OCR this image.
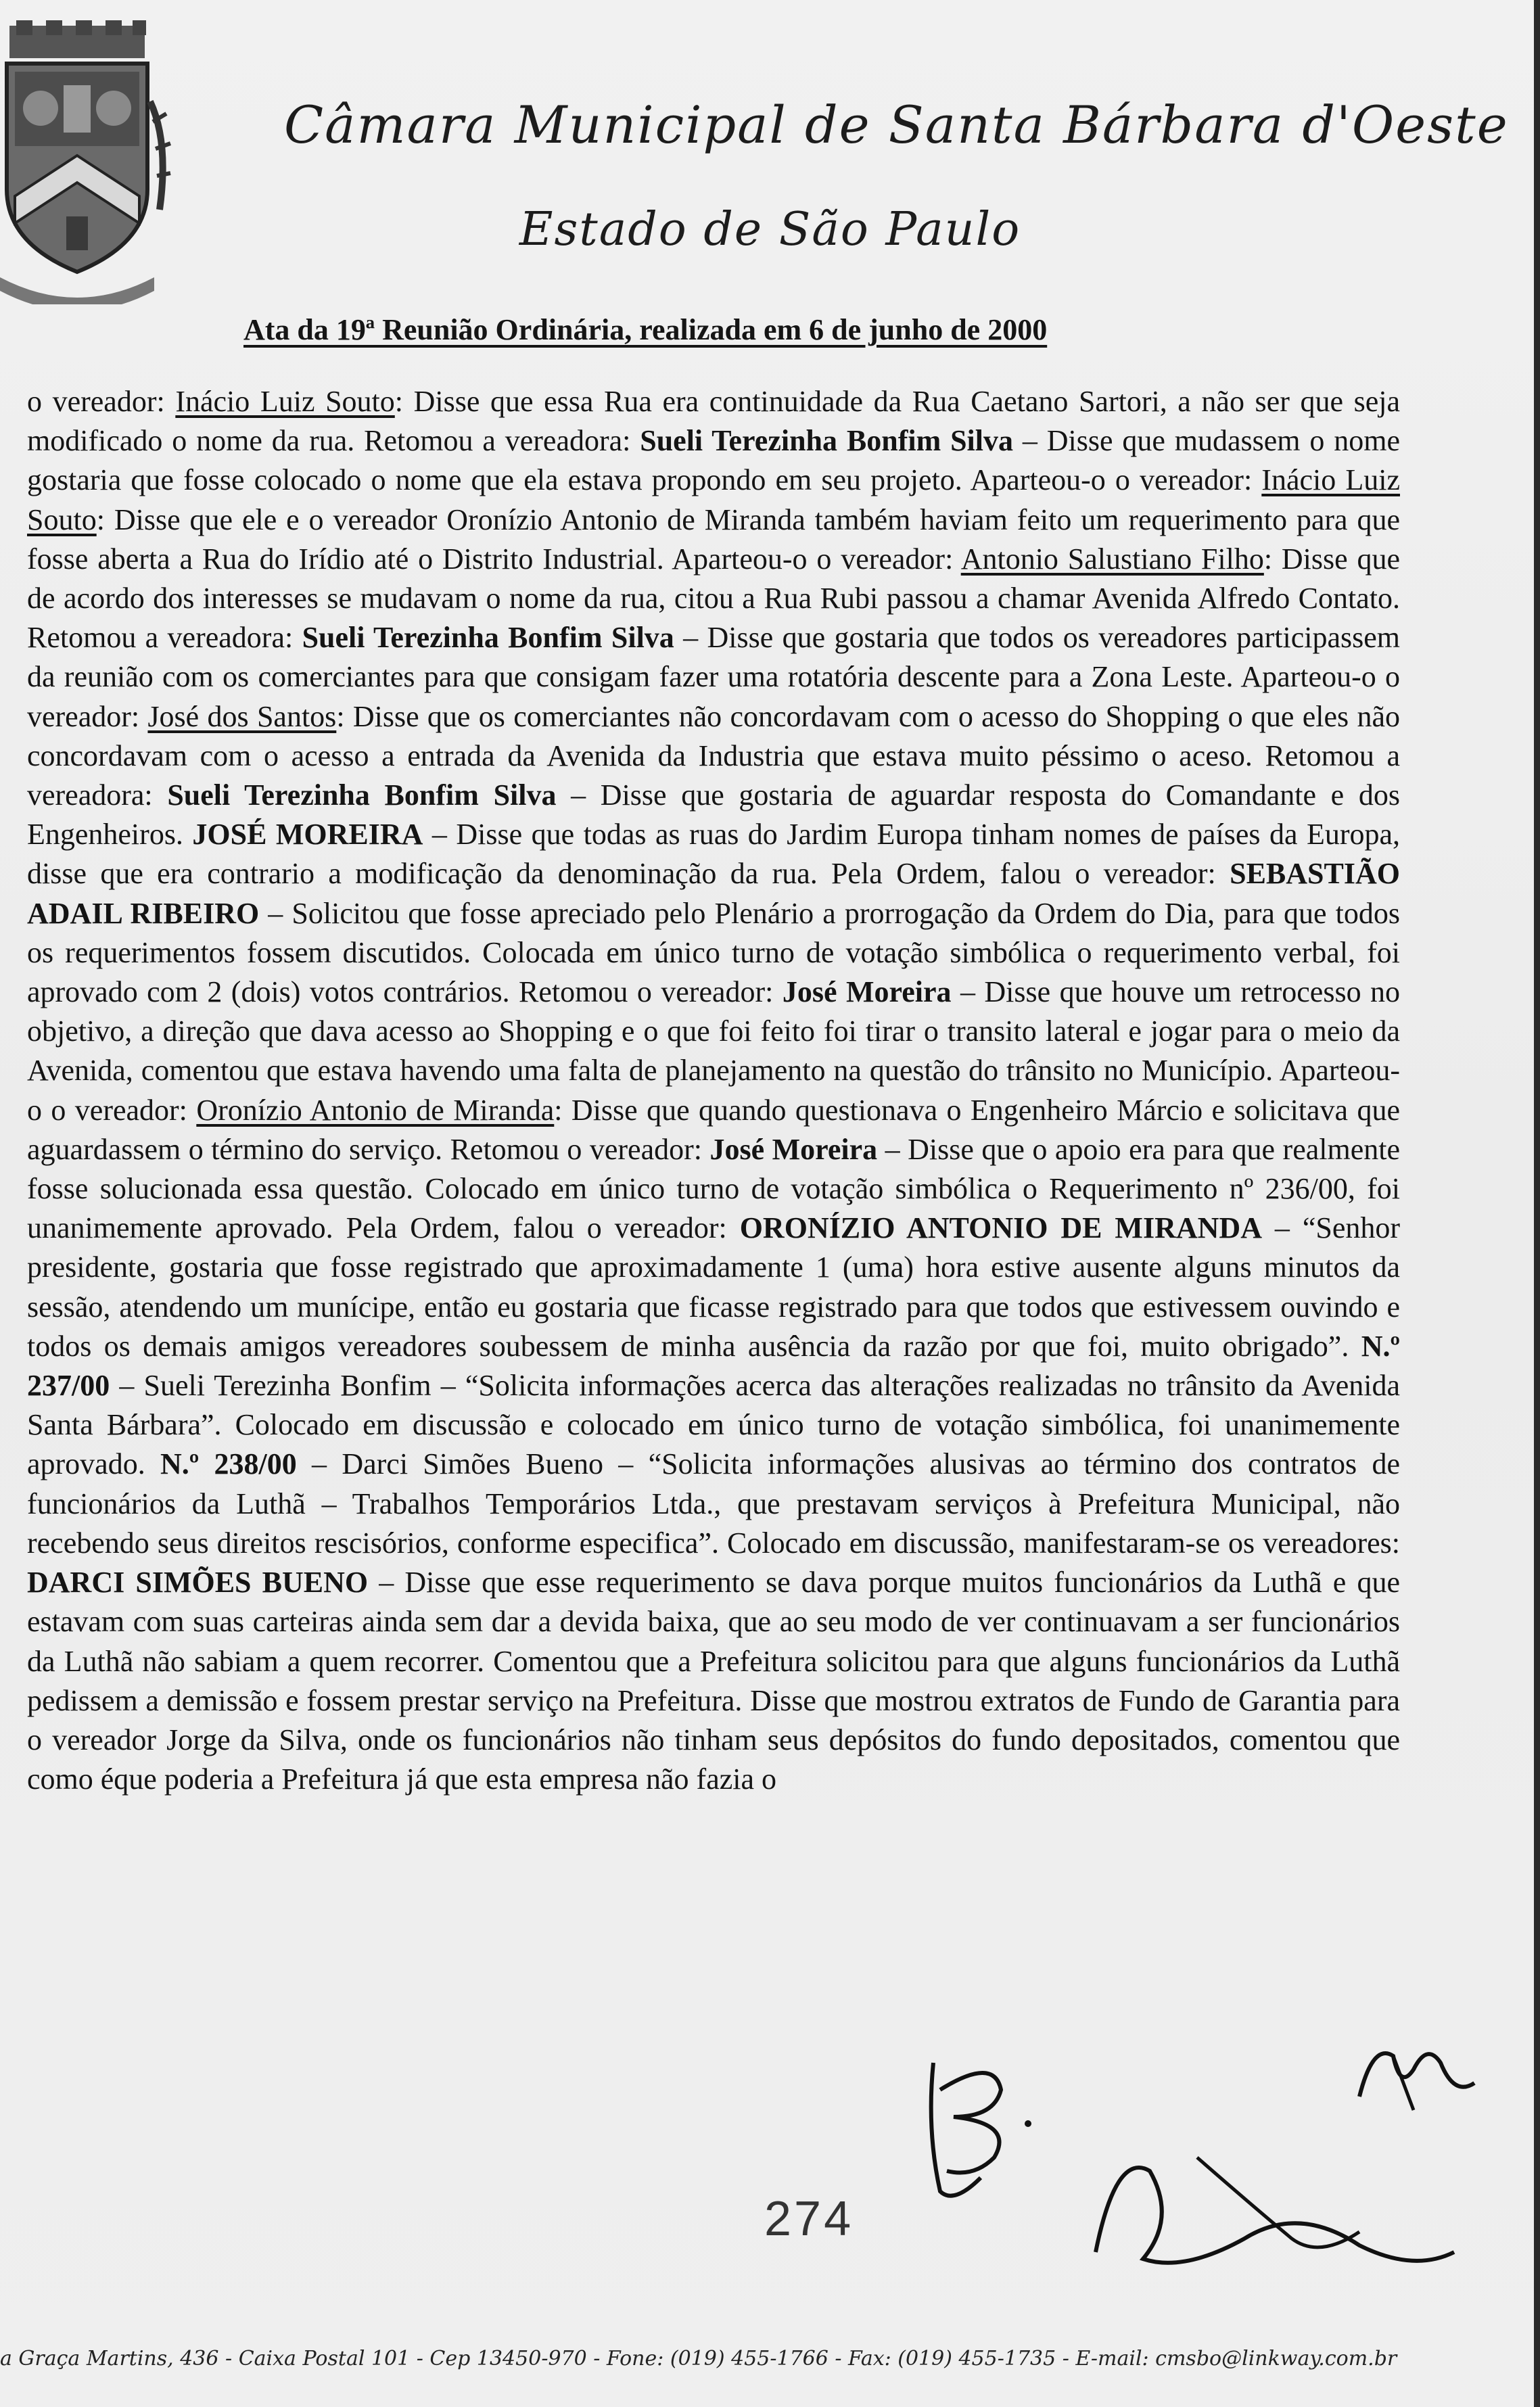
Câmara Municipal de Santa Bárbara d'Oeste
Estado de São Paulo
Ata da 19ª Reunião Ordinária, realizada em 6 de junho de 2000
o vereador: Inácio Luiz Souto: Disse que essa Rua era continuidade da Rua Caetano Sartori, a não ser que seja modificado o nome da rua. Retomou a vereadora: Sueli Terezinha Bonfim Silva – Disse que mudassem o nome gostaria que fosse colocado o nome que ela estava propondo em seu projeto. Aparteou-o o vereador: Inácio Luiz Souto: Disse que ele e o vereador Oronízio Antonio de Miranda também haviam feito um requerimento para que fosse aberta a Rua do Irídio até o Distrito Industrial. Aparteou-o o vereador: Antonio Salustiano Filho: Disse que de acordo dos interesses se mudavam o nome da rua, citou a Rua Rubi passou a chamar Avenida Alfredo Contato. Retomou a vereadora: Sueli Terezinha Bonfim Silva – Disse que gostaria que todos os vereadores participassem da reunião com os comerciantes para que consigam fazer uma rotatória descente para a Zona Leste. Aparteou-o o vereador: José dos Santos: Disse que os comerciantes não concordavam com o acesso do Shopping o que eles não concordavam com o acesso a entrada da Avenida da Industria que estava muito péssimo o aceso. Retomou a vereadora: Sueli Terezinha Bonfim Silva – Disse que gostaria de aguardar resposta do Comandante e dos Engenheiros. JOSÉ MOREIRA – Disse que todas as ruas do Jardim Europa tinham nomes de países da Europa, disse que era contrario a modificação da denominação da rua. Pela Ordem, falou o vereador: SEBASTIÃO ADAIL RIBEIRO – Solicitou que fosse apreciado pelo Plenário a prorrogação da Ordem do Dia, para que todos os requerimentos fossem discutidos. Colocada em único turno de votação simbólica o requerimento verbal, foi aprovado com 2 (dois) votos contrários. Retomou o vereador: José Moreira – Disse que houve um retrocesso no objetivo, a direção que dava acesso ao Shopping e o que foi feito foi tirar o transito lateral e jogar para o meio da Avenida, comentou que estava havendo uma falta de planejamento na questão do trânsito no Município. Aparteou-o o vereador: Oronízio Antonio de Miranda: Disse que quando questionava o Engenheiro Márcio e solicitava que aguardassem o término do serviço. Retomou o vereador: José Moreira – Disse que o apoio era para que realmente fosse solucionada essa questão. Colocado em único turno de votação simbólica o Requerimento nº 236/00, foi unanimemente aprovado. Pela Ordem, falou o vereador: ORONÍZIO ANTONIO DE MIRANDA – “Senhor presidente, gostaria que fosse registrado que aproximadamente 1 (uma) hora estive ausente alguns minutos da sessão, atendendo um munícipe, então eu gostaria que ficasse registrado para que todos que estivessem ouvindo e todos os demais amigos vereadores soubessem de minha ausência da razão por que foi, muito obrigado”. N.º 237/00 – Sueli Terezinha Bonfim – “Solicita informações acerca das alterações realizadas no trânsito da Avenida Santa Bárbara”. Colocado em discussão e colocado em único turno de votação simbólica, foi unanimemente aprovado. N.º 238/00 – Darci Simões Bueno – “Solicita informações alusivas ao término dos contratos de funcionários da Luthã – Trabalhos Temporários Ltda., que prestavam serviços à Prefeitura Municipal, não recebendo seus direitos rescisórios, conforme especifica”. Colocado em discussão, manifestaram-se os vereadores: DARCI SIMÕES BUENO – Disse que esse requerimento se dava porque muitos funcionários da Luthã e que estavam com suas carteiras ainda sem dar a devida baixa, que ao seu modo de ver continuavam a ser funcionários da Luthã não sabiam a quem recorrer. Comentou que a Prefeitura solicitou para que alguns funcionários da Luthã pedissem a demissão e fossem prestar serviço na Prefeitura. Disse que mostrou extratos de Fundo de Garantia para o vereador Jorge da Silva, onde os funcionários não tinham seus depósitos do fundo depositados, comentou que como éque poderia a Prefeitura já que esta empresa não fazia o
274
a Graça Martins, 436 - Caixa Postal 101 - Cep 13450-970 - Fone: (019) 455-1766 - Fax: (019) 455-1735 - E-mail: cmsbo@linkway.com.br
